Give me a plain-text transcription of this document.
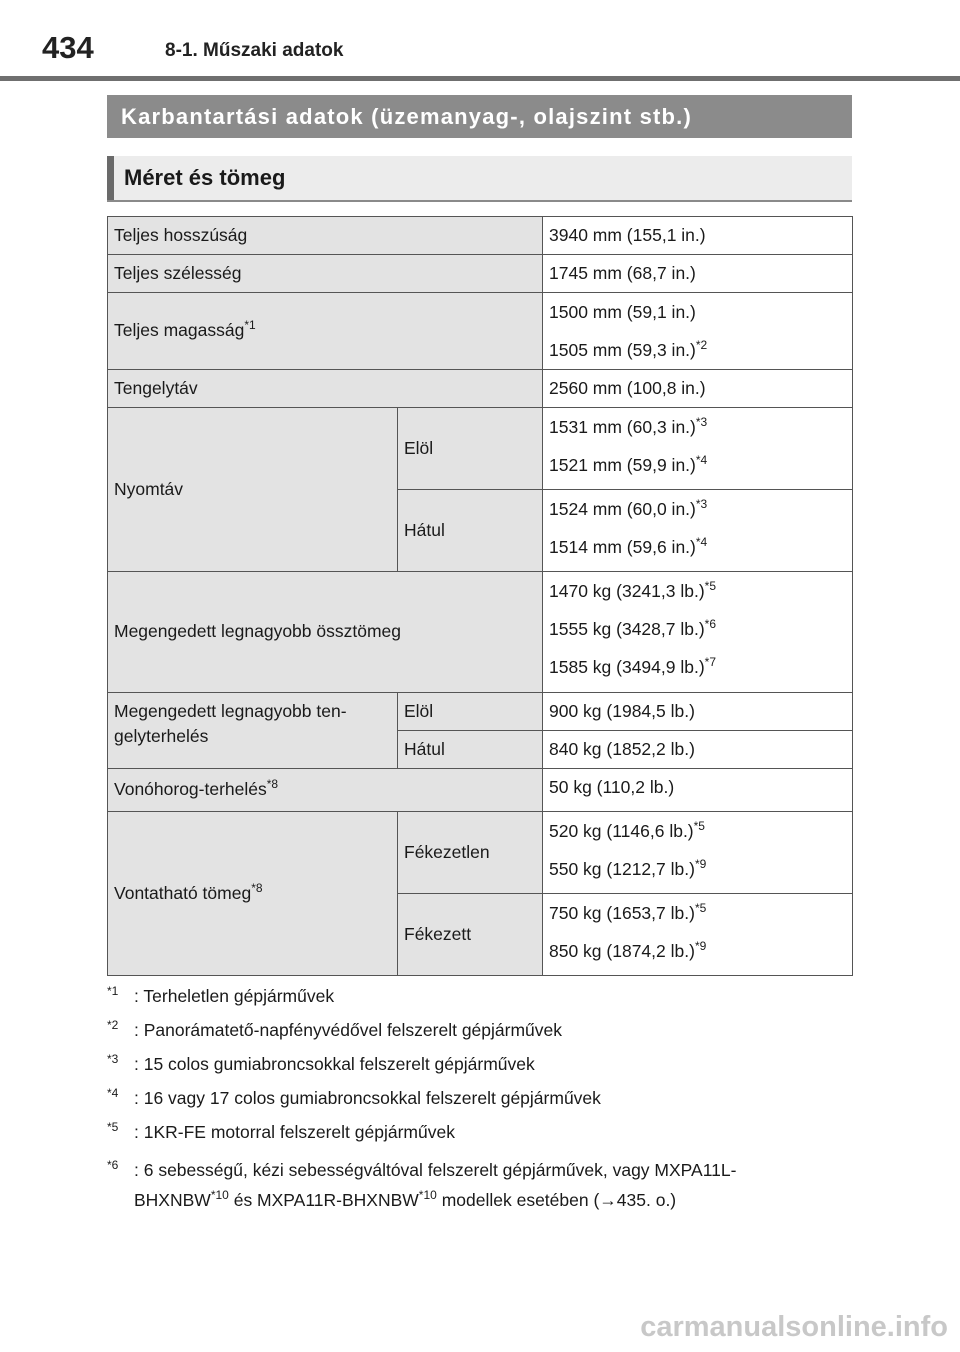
434	8-1. Műszaki adatok
Karbantartási adatok (üzemanyag-, olajszint stb.)
Méret és tömeg
Teljes hosszúság		3940 mm (155,1 in.)
Teljes szélesség		1745 mm (68,7 in.)
Teljes magasság$^{*1}$		1500 mm (59,1 in.)
1505 mm (59,3 in.)$^{*2}$

Tengelytáv		2560 mm (100,8 in.)
Nyomtáv	Elöl	1531 mm (60,3 in.)$^{*3}$
1521 mm (59,9 in.)$^{*4}$

	Hátul	1524 mm (60,0 in.)$^{*3}$
1514 mm (59,6 in.)$^{*4}$

Megengedett legnagyobb össztömeg		1470 kg (3241,3 lb.)$^{*5}$
1555 kg (3428,7 lb.)$^{*6}$
1585 kg (3494,9 lb.)$^{*7}$

Megengedett legnagyobb ten-
gelyterhelés	Elöl	900 kg (1984,5 lb.)
	Hátul	840 kg (1852,2 lb.)
Vonóhorog-terhelés$^{*8}$		50 kg (110,2 lb.)
Vontatható tömeg$^{*8}$	Fékezetlen	520 kg (1146,6 lb.)$^{*5}$
550 kg (1212,7 lb.)$^{*9}$

	Fékezett	750 kg (1653,7 lb.)$^{*5}$
850 kg (1874,2 lb.)$^{*9}$
$^{*1}$ : Terheletlen gépjárművek
$^{*2}$ : Panorámatető-napfényvédővel felszerelt gépjárművek
$^{*3}$ : 15 colos gumiabroncsokkal felszerelt gépjárművek
$^{*4}$ : 16 vagy 17 colos gumiabroncsokkal felszerelt gépjárművek
$^{*5}$ : 1KR-FE motorral felszerelt gépjárművek
$^{*6}$ : 6 sebességű, kézi sebességváltóval felszerelt gépjárművek, vagy MXPA11L-
BHXNBW$^{*10}$ és MXPA11R-BHXNBW$^{*10}$ modellek esetében (→435. o.)
carmanualsonline.info
